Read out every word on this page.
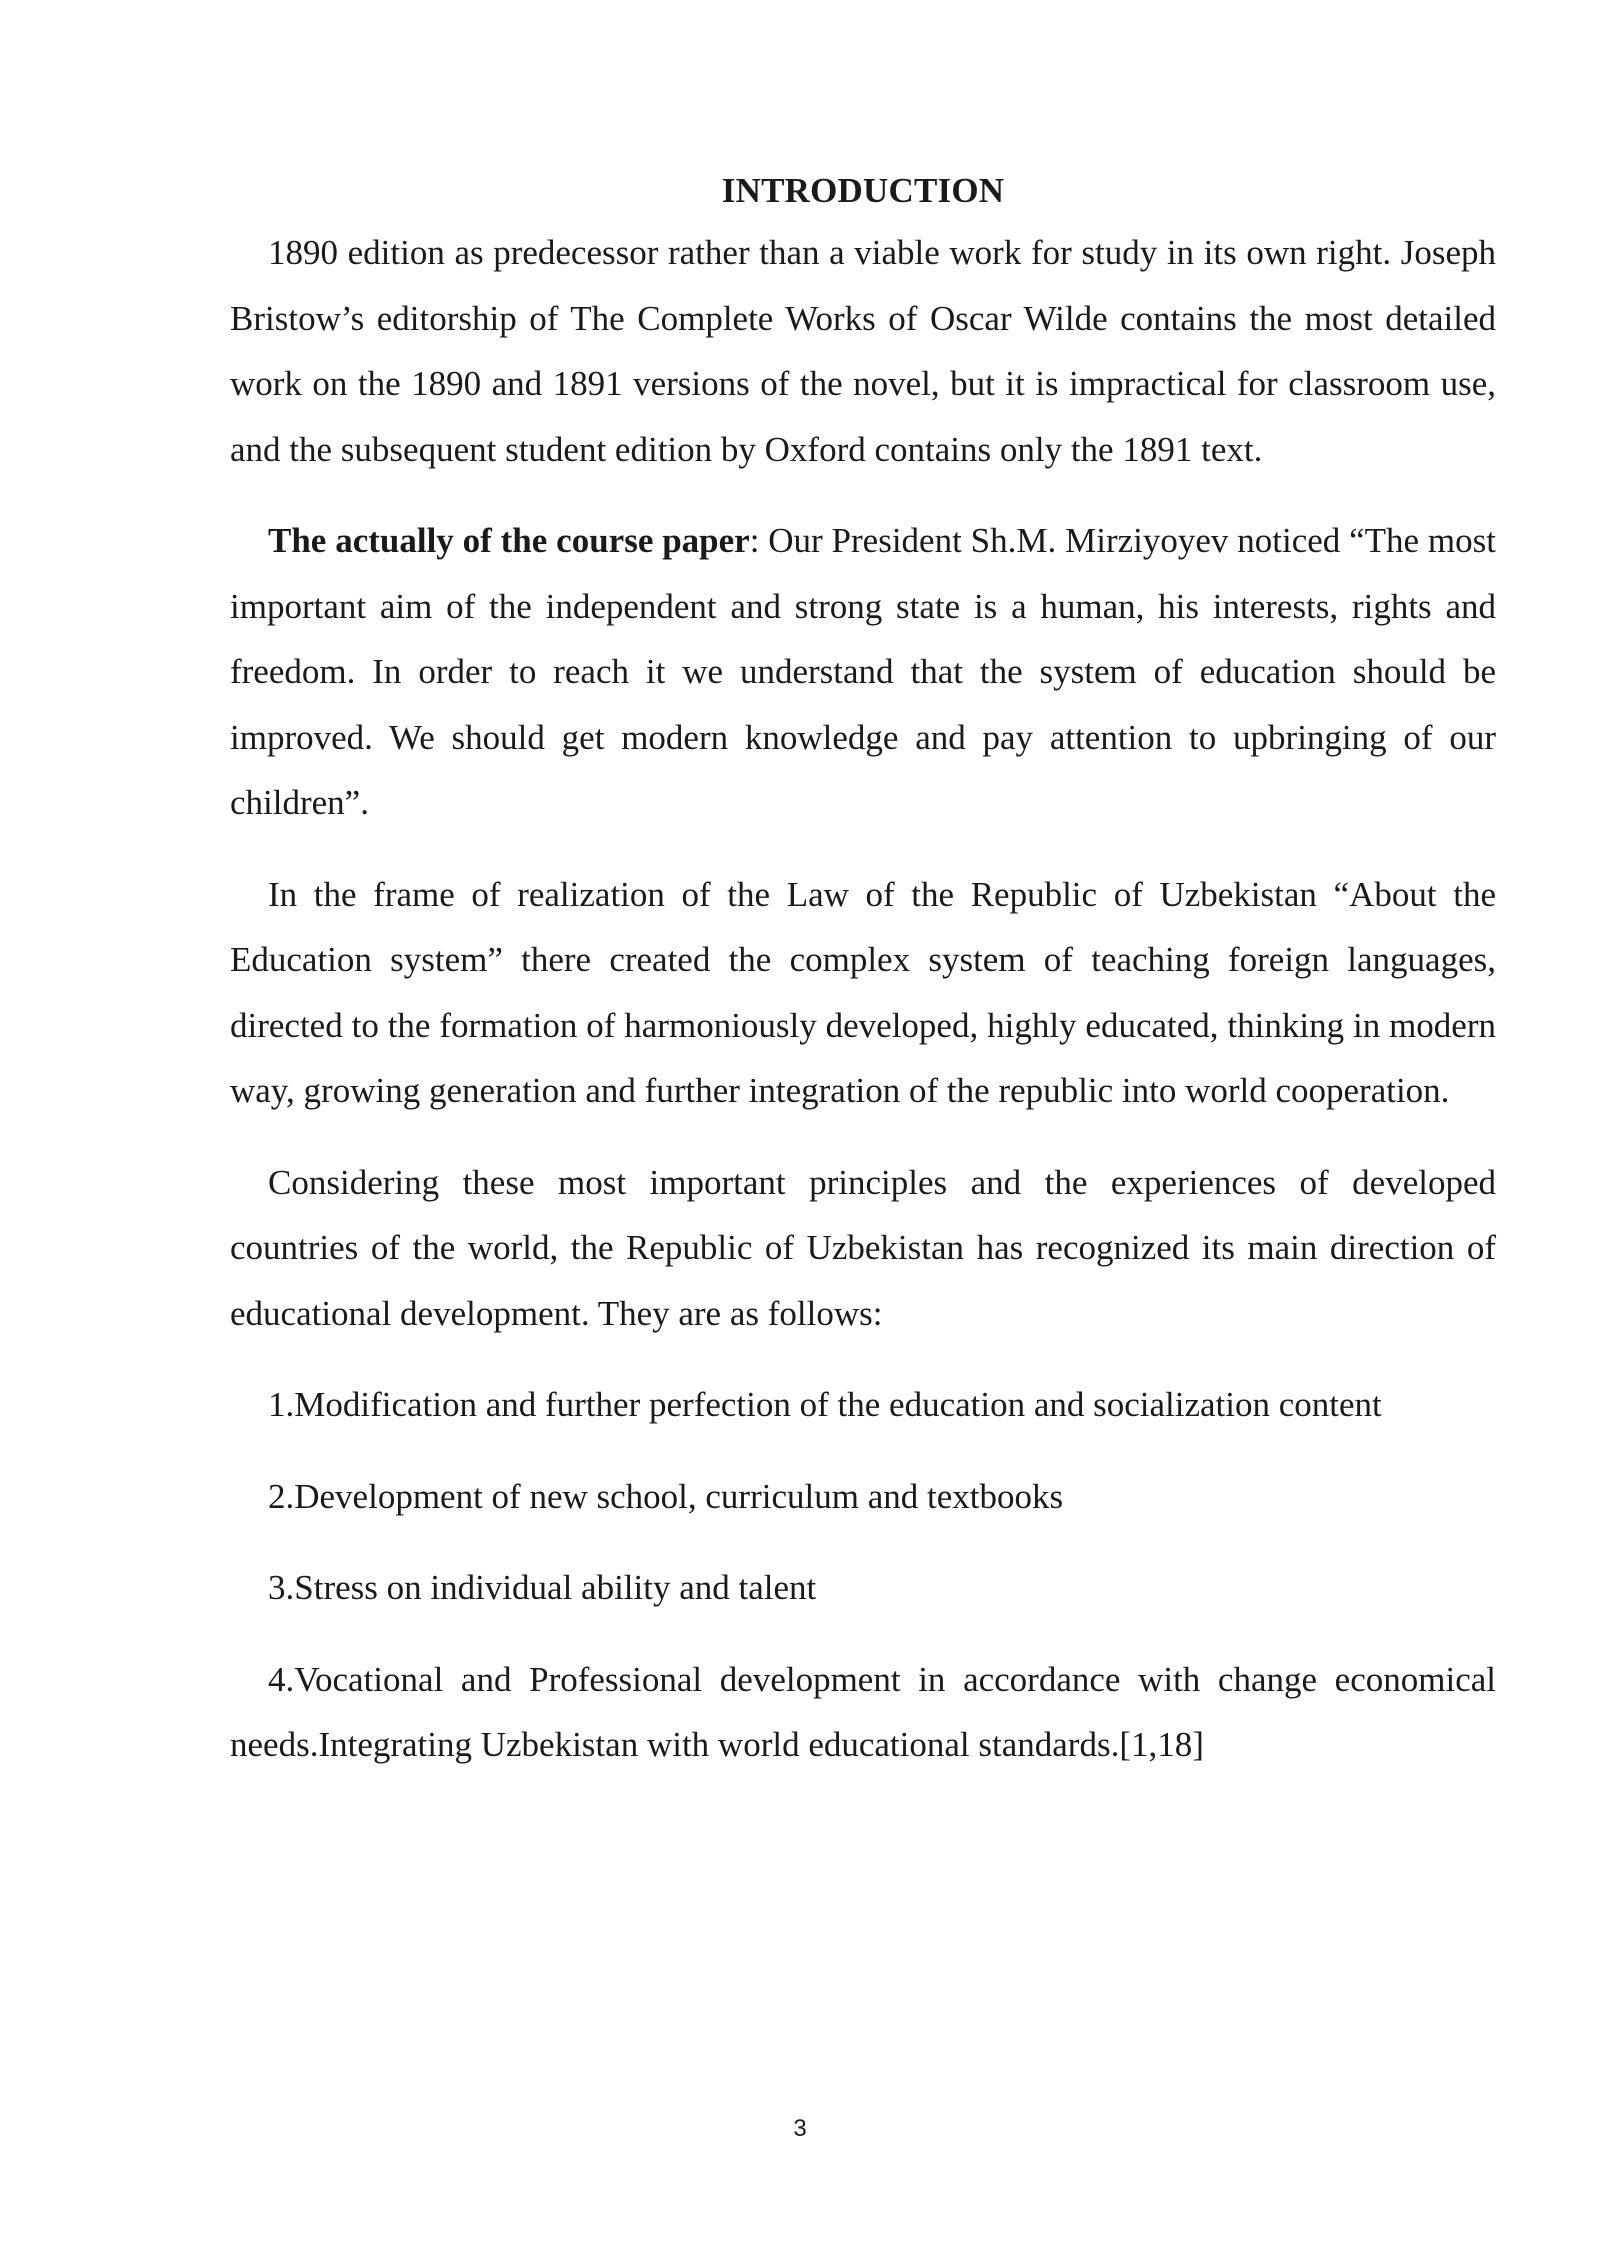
INTRODUCTION

1890 edition as predecessor rather than a viable work for study in its own right. Joseph Bristow’s editorship of The Complete Works of Oscar Wilde contains the most detailed work on the 1890 and 1891 versions of the novel, but it is impractical for classroom use, and the subsequent student edition by Oxford contains only the 1891 text.

The actually of the course paper: Our President Sh.M. Mirziyoyev noticed “The most important aim of the independent and strong state is a human, his interests, rights and freedom. In order to reach it we understand that the system of education should be improved. We should get modern knowledge and pay attention to upbringing of our children”.

In the frame of realization of the Law of the Republic of Uzbekistan “About the Education system” there created the complex system of teaching foreign languages, directed to the formation of harmoniously developed, highly educated, thinking in modern way, growing generation and further integration of the republic into world cooperation.

Considering these most important principles and the experiences of developed countries of the world, the Republic of Uzbekistan has recognized its main direction of educational development. They are as follows:

1.Modification and further perfection of the education and socialization content

2.Development of new school, curriculum and textbooks

3.Stress on individual ability and talent

4.Vocational and Professional development in accordance with change economical needs.Integrating Uzbekistan with world educational standards.[1,18]

3
